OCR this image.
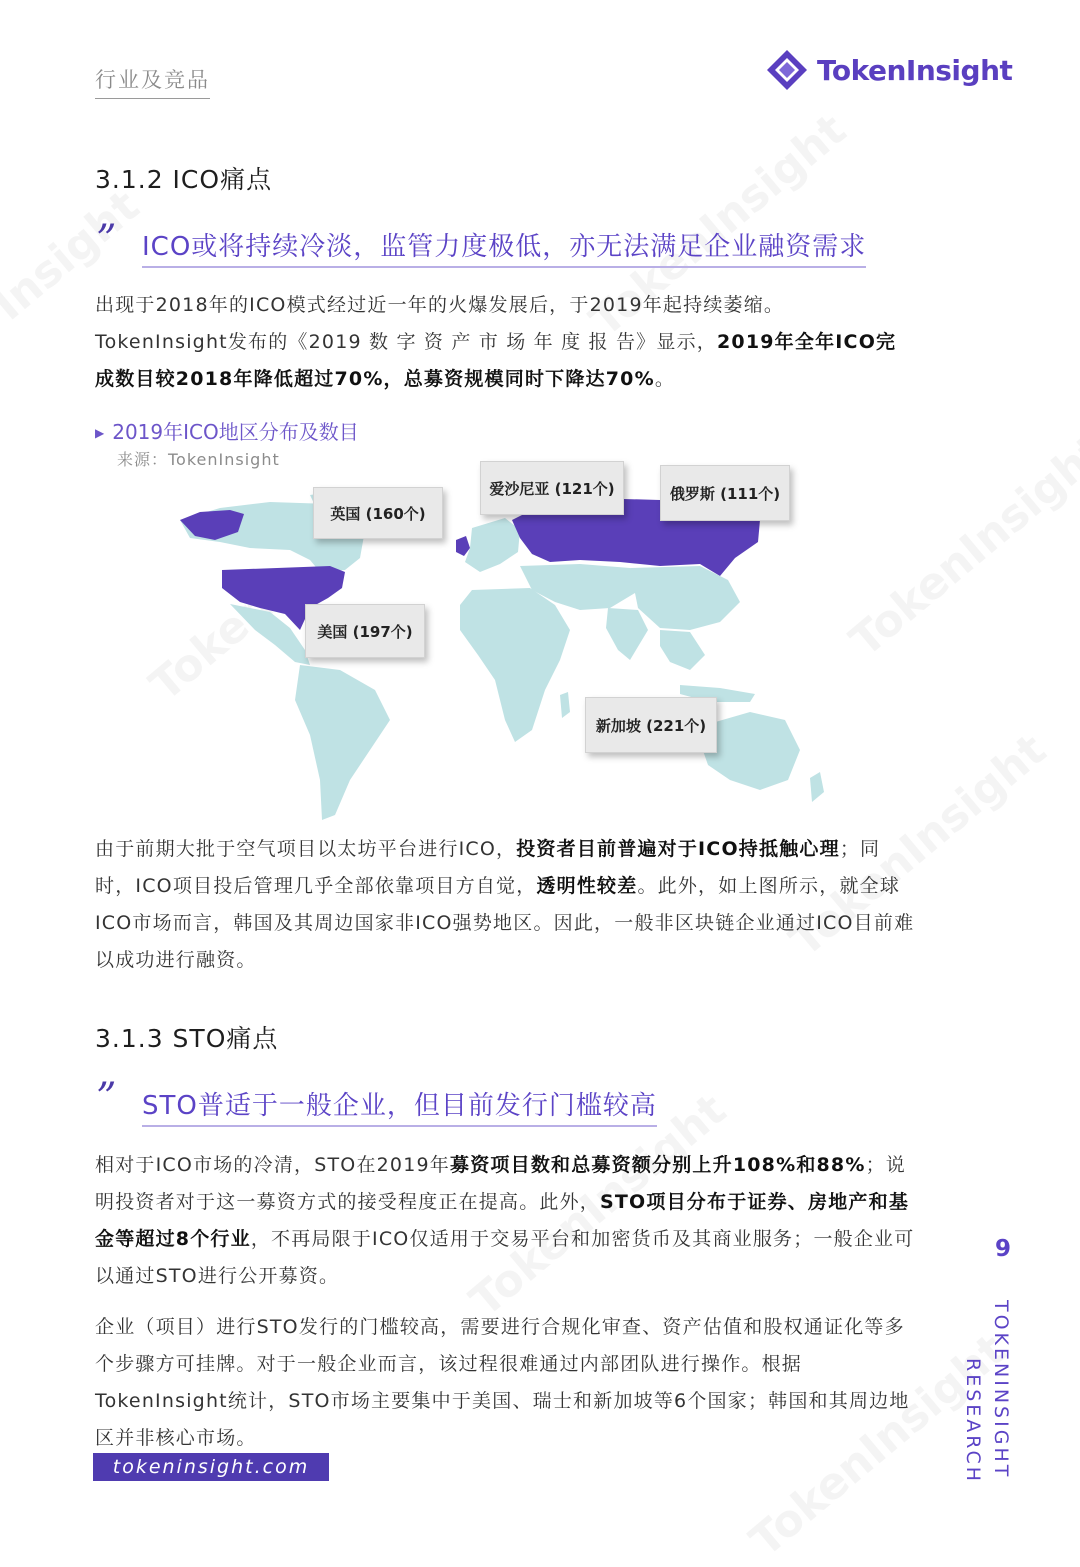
行业及竞品	TokenInsight
3.1.2 ICO痛点
” ICO或将持续冷淡，监管力度极低，亦无法满足企业融资需求
出现于2018年的ICO模式经过近一年的火爆发展后，于2019年起持续萎缩。
TokenInsight发布的《2019 数 字 资 产 市 场 年 度 报 告》显示，2019年全年ICO完
成数目较2018年降低超过70%，总募资规模同时下降达70%。
▶ 2019年ICO地区分布及数目
来源：TokenInsight
英国 (160个)
爱沙尼亚 (121个)	俄罗斯 (111个)
美国 (197个)
新加坡 (221个)
由于前期大批于空气项目以太坊平台进行ICO，投资者目前普遍对于ICO持抵触心理；同时，ICO项目投后管理几乎全部依靠项目方自觉，透明性较差。此外，如上图所示，就全球ICO市场而言，韩国及其周边国家非ICO强势地区。因此，一般非区块链企业通过ICO目前难以成功进行融资。
3.1.3 STO痛点
” STO普适于一般企业，但目前发行门槛较高
相对于ICO市场的冷清，STO在2019年募资项目数和总募资额分别上升108%和88%；说明投资者对于这一募资方式的接受程度正在提高。此外，STO项目分布于证券、房地产和基金等超过8个行业，不再局限于ICO仅适用于交易平台和加密货币及其商业服务；一般企业可以通过STO进行公开募资。
企业（项目）进行STO发行的门槛较高，需要进行合规化审查、资产估值和股权通证化等多个步骤方可挂牌。对于一般企业而言，该过程很难通过内部团队进行操作。根据TokenInsight统计，STO市场主要集中于美国、瑞士和新加坡等6个国家；韩国和其周边地区并非核心市场。
tokeninsight.com
9
TOKENINSIGHT
RESEARCH
